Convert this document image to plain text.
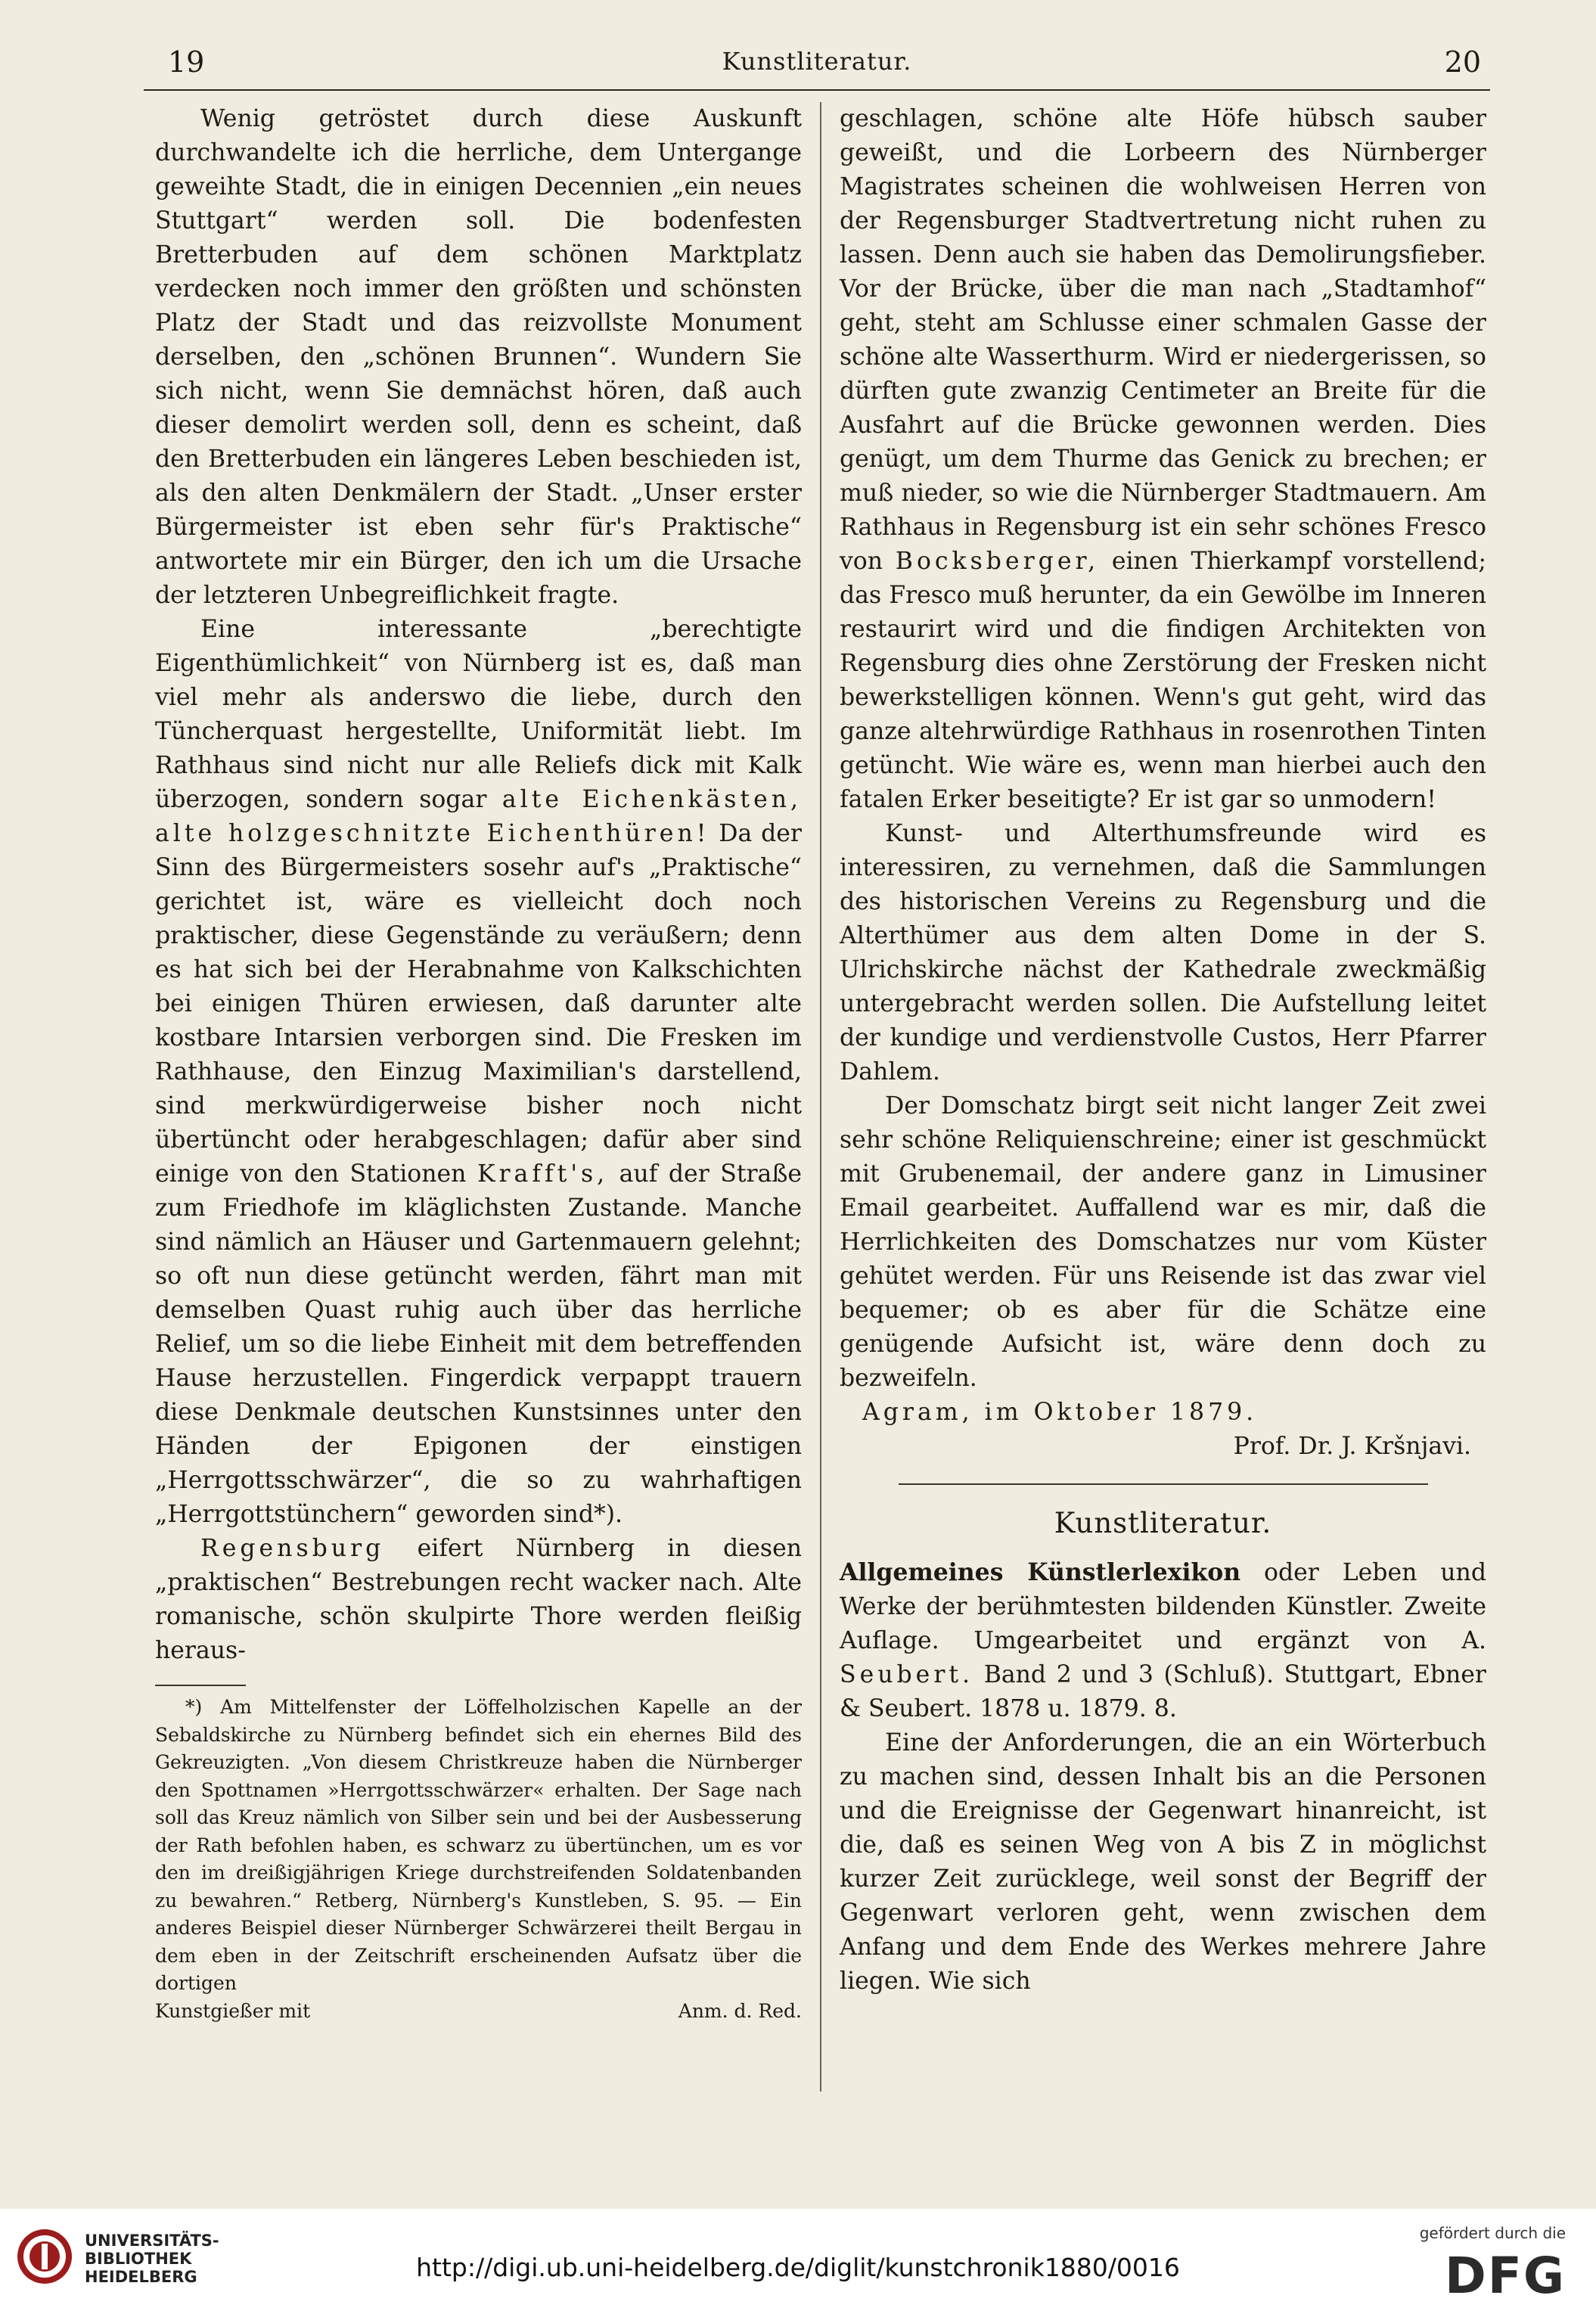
19	Kunstliteratur.	20

Wenig getröstet durch diese Auskunft durchwandelte ich die herrliche, dem Untergange geweihte Stadt, die in einigen Decennien „ein neues Stuttgart“ werden soll. Die bodenfesten Bretterbuden auf dem schönen Marktplatz verdecken noch immer den größten und schönsten Platz der Stadt und das reizvollste Monument derselben, den „schönen Brunnen“. Wundern Sie sich nicht, wenn Sie demnächst hören, daß auch dieser demolirt werden soll, denn es scheint, daß den Bretterbuden ein längeres Leben beschieden ist, als den alten Denkmälern der Stadt. „Unser erster Bürgermeister ist eben sehr für's Praktische“ antwortete mir ein Bürger, den ich um die Ursache der letzteren Unbegreiflichkeit fragte.

Eine interessante „berechtigte Eigenthümlichkeit“ von Nürnberg ist es, daß man viel mehr als anderswo die liebe, durch den Tüncherquast hergestellte, Uniformität liebt. Im Rathhaus sind nicht nur alle Reliefs dick mit Kalk überzogen, sondern sogar alte Eichenkästen, alte holzgeschnitzte Eichenthüren! Da der Sinn des Bürgermeisters sosehr auf's „Praktische“ gerichtet ist, wäre es vielleicht doch noch praktischer, diese Gegenstände zu veräußern; denn es hat sich bei der Herabnahme von Kalkschichten bei einigen Thüren erwiesen, daß darunter alte kostbare Intarsien verborgen sind. Die Fresken im Rathhause, den Einzug Maximilian's darstellend, sind merkwürdigerweise bisher noch nicht übertüncht oder herabgeschlagen; dafür aber sind einige von den Stationen Krafft's, auf der Straße zum Friedhofe im kläglichsten Zustande. Manche sind nämlich an Häuser und Gartenmauern gelehnt; so oft nun diese getüncht werden, fährt man mit demselben Quast ruhig auch über das herrliche Relief, um so die liebe Einheit mit dem betreffenden Hause herzustellen. Fingerdick verpappt trauern diese Denkmale deutschen Kunstsinnes unter den Händen der Epigonen der einstigen „Herrgottsschwärzer“, die so zu wahrhaftigen „Herrgottstünchern“ geworden sind*).

Regensburg eifert Nürnberg in diesen „praktischen“ Bestrebungen recht wacker nach. Alte romanische, schön skulpirte Thore werden fleißig heraus-

*) Am Mittelfenster der Löffelholzischen Kapelle an der Sebaldskirche zu Nürnberg befindet sich ein ehernes Bild des Gekreuzigten. „Von diesem Christkreuze haben die Nürnberger den Spottnamen »Herrgottsschwärzer« erhalten. Der Sage nach soll das Kreuz nämlich von Silber sein und bei der Ausbesserung der Rath befohlen haben, es schwarz zu übertünchen, um es vor den im dreißigjährigen Kriege durchstreifenden Soldatenbanden zu bewahren.“ Retberg, Nürnberg's Kunstleben, S. 95. — Ein anderes Beispiel dieser Nürnberger Schwärzerei theilt Bergau in dem eben in der Zeitschrift erscheinenden Aufsatz über die dortigen

Kunstgießer mit	Anm. d. Red.

geschlagen, schöne alte Höfe hübsch sauber geweißt, und die Lorbeern des Nürnberger Magistrates scheinen die wohlweisen Herren von der Regensburger Stadtvertretung nicht ruhen zu lassen. Denn auch sie haben das Demolirungsfieber. Vor der Brücke, über die man nach „Stadtamhof“ geht, steht am Schlusse einer schmalen Gasse der schöne alte Wasserthurm. Wird er niedergerissen, so dürften gute zwanzig Centimeter an Breite für die Ausfahrt auf die Brücke gewonnen werden. Dies genügt, um dem Thurme das Genick zu brechen; er muß nieder, so wie die Nürnberger Stadtmauern. Am Rathhaus in Regensburg ist ein sehr schönes Fresco von Bocksberger, einen Thierkampf vorstellend; das Fresco muß herunter, da ein Gewölbe im Inneren restaurirt wird und die findigen Architekten von Regensburg dies ohne Zerstörung der Fresken nicht bewerkstelligen können. Wenn's gut geht, wird das ganze altehrwürdige Rathhaus in rosenrothen Tinten getüncht. Wie wäre es, wenn man hierbei auch den fatalen Erker beseitigte? Er ist gar so unmodern!

Kunst- und Alterthumsfreunde wird es interessiren, zu vernehmen, daß die Sammlungen des historischen Vereins zu Regensburg und die Alterthümer aus dem alten Dome in der S. Ulrichskirche nächst der Kathedrale zweckmäßig untergebracht werden sollen. Die Aufstellung leitet der kundige und verdienstvolle Custos, Herr Pfarrer Dahlem.

Der Domschatz birgt seit nicht langer Zeit zwei sehr schöne Reliquienschreine; einer ist geschmückt mit Grubenemail, der andere ganz in Limusiner Email gearbeitet. Auffallend war es mir, daß die Herrlichkeiten des Domschatzes nur vom Küster gehütet werden. Für uns Reisende ist das zwar viel bequemer; ob es aber für die Schätze eine genügende Aufsicht ist, wäre denn doch zu bezweifeln.

Agram, im Oktober 1879.

Prof. Dr. J. Kršnjavi.

Kunstliteratur.

Allgemeines Künstlerlexikon oder Leben und Werke der berühmtesten bildenden Künstler. Zweite Auflage. Umgearbeitet und ergänzt von A. Seubert. Band 2 und 3 (Schluß). Stuttgart, Ebner & Seubert. 1878 u. 1879. 8.

Eine der Anforderungen, die an ein Wörterbuch zu machen sind, dessen Inhalt bis an die Personen und die Ereignisse der Gegenwart hinanreicht, ist die, daß es seinen Weg von A bis Z in möglichst kurzer Zeit zurücklege, weil sonst der Begriff der Gegenwart verloren geht, wenn zwischen dem Anfang und dem Ende des Werkes mehrere Jahre liegen. Wie sich

UNIVERSITÄTS-
BIBLIOTHEK
HEIDELBERG	http://digi.ub.uni-heidelberg.de/diglit/kunstchronik1880/0016
gefördert durch die
DFG
